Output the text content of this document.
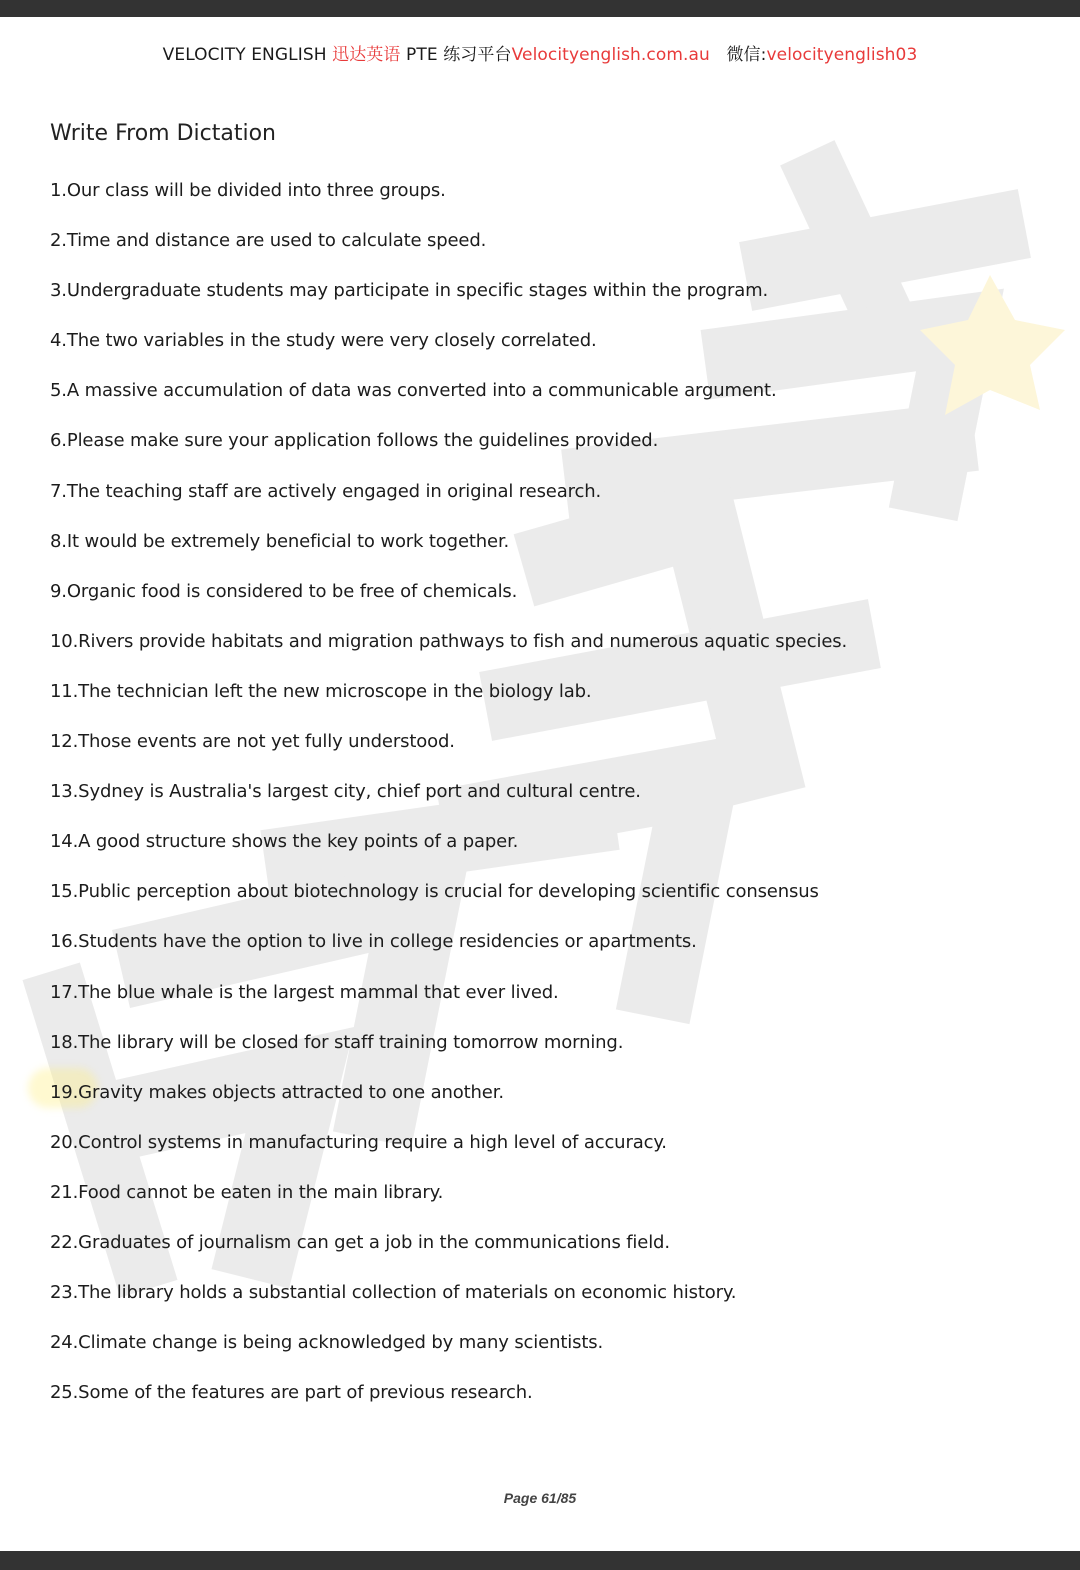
VELOCITY ENGLISH 迅达英语 PTE 练习平台Velocityenglish.com.au 微信:velocityenglish03
Write From Dictation
1.Our class will be divided into three groups.
2.Time and distance are used to calculate speed.
3.Undergraduate students may participate in specific stages within the program.
4.The two variables in the study were very closely correlated.
5.A massive accumulation of data was converted into a communicable argument.
6.Please make sure your application follows the guidelines provided.
7.The teaching staff are actively engaged in original research.
8.It would be extremely beneficial to work together.
9.Organic food is considered to be free of chemicals.
10.Rivers provide habitats and migration pathways to fish and numerous aquatic species.
11.The technician left the new microscope in the biology lab.
12.Those events are not yet fully understood.
13.Sydney is Australia's largest city, chief port and cultural centre.
14.A good structure shows the key points of a paper.
15.Public perception about biotechnology is crucial for developing scientific consensus
16.Students have the option to live in college residencies or apartments.
17.The blue whale is the largest mammal that ever lived.
18.The library will be closed for staff training tomorrow morning.
19.Gravity makes objects attracted to one another.
20.Control systems in manufacturing require a high level of accuracy.
21.Food cannot be eaten in the main library.
22.Graduates of journalism can get a job in the communications field.
23.The library holds a substantial collection of materials on economic history.
24.Climate change is being acknowledged by many scientists.
25.Some of the features are part of previous research.
Page 61/85
